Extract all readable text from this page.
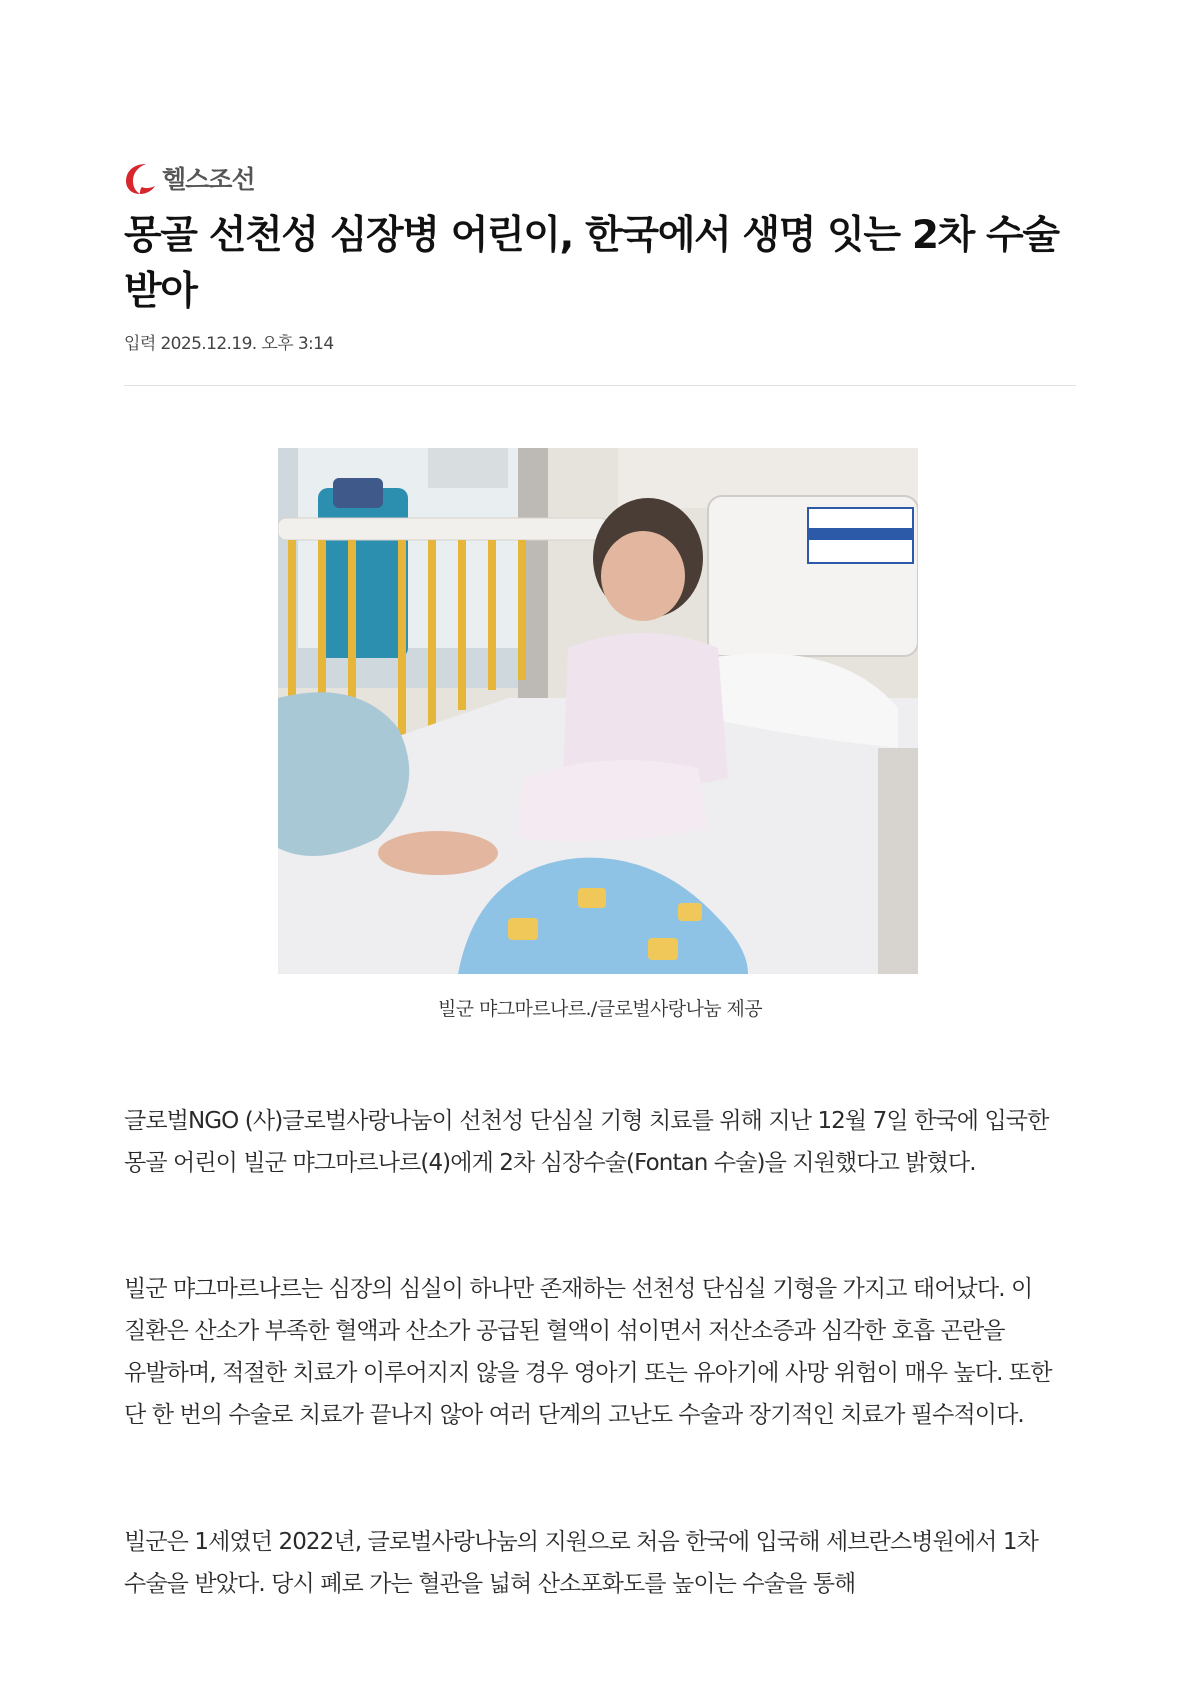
헬스조선
몽골 선천성 심장병 어린이, 한국에서 생명 잇는 2차 수술 받아
입력 2025.12.19. 오후 3:14
빌군 먀그마르나르./글로벌사랑나눔 제공

글로벌NGO (사)글로벌사랑나눔이 선천성 단심실 기형 치료를 위해 지난 12월 7일 한국에 입국한 몽골 어린이 빌군 먀그마르나르(4)에게 2차 심장수술(Fontan 수술)을 지원했다고 밝혔다.

빌군 먀그마르나르는 심장의 심실이 하나만 존재하는 선천성 단심실 기형을 가지고 태어났다. 이 질환은 산소가 부족한 혈액과 산소가 공급된 혈액이 섞이면서 저산소증과 심각한 호흡 곤란을 유발하며, 적절한 치료가 이루어지지 않을 경우 영아기 또는 유아기에 사망 위험이 매우 높다. 또한 단 한 번의 수술로 치료가 끝나지 않아 여러 단계의 고난도 수술과 장기적인 치료가 필수적이다.

빌군은 1세였던 2022년, 글로벌사랑나눔의 지원으로 처음 한국에 입국해 세브란스병원에서 1차 수술을 받았다. 당시 폐로 가는 혈관을 넓혀 산소포화도를 높이는 수술을 통해
